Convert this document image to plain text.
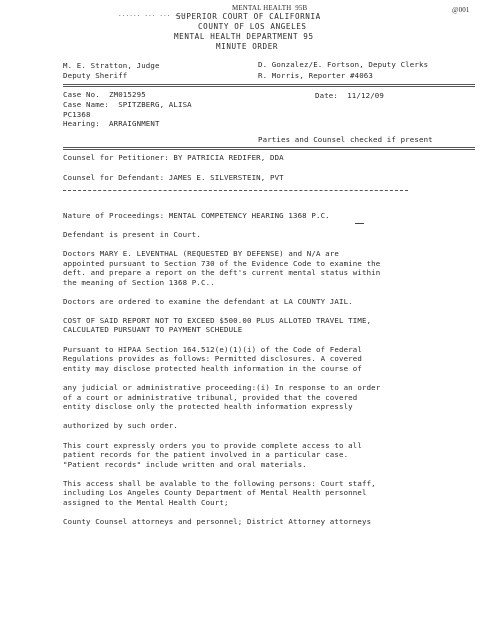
...... ... ... ....
MENTAL HEALTH  95B	@001
SUPERIOR COURT OF CALIFORNIA
COUNTY OF LOS ANGELES
MENTAL HEALTH DEPARTMENT 95
MINUTE ORDER
M. E. Stratton, Judge	D. Gonzalez/E. Fortson, Deputy Clerks
Deputy Sheriff	R. Morris, Reporter #4063
Case No.  ZM015295	Date:  11/12/09
Case Name:  SPITZBERG, ALISA
PC1368
Hearing:  ARRAIGNMENT
Parties and Counsel checked if present
Counsel for Petitioner: BY PATRICIA REDIFER, DDA
Counsel for Defendant: JAMES E. SILVERSTEIN, PVT
Nature of Proceedings: MENTAL COMPETENCY HEARING 1368 P.C.
Defendant is present in Court.
Doctors MARY E. LEVENTHAL (REQUESTED BY DEFENSE) and N/A are
appointed pursuant to Section 730 of the Evidence Code to examine the
deft. and prepare a report on the deft's current mental status within
the meaning of Section 1368 P.C..
Doctors are ordered to examine the defendant at LA COUNTY JAIL.
COST OF SAID REPORT NOT TO EXCEED $500.00 PLUS ALLOTED TRAVEL TIME,
CALCULATED PURSUANT TO PAYMENT SCHEDULE
Pursuant to HIPAA Section 164.512(e)(1)(i) of the Code of Federal
Regulations provides as follows: Permitted disclosures. A covered
entity may disclose protected health information in the course of
any judicial or administrative proceeding:(i) In response to an order
of a court or administrative tribunal, provided that the covered
entity disclose only the protected health information expressly
authorized by such order.
This court expressly orders you to provide complete access to all
patient records for the patient involved in a particular case.
"Patient records" include written and oral materials.
This access shall be avalable to the following persons: Court staff,
including Los Angeles County Department of Mental Health personnel
assigned to the Mental Health Court;
County Counsel attorneys and personnel; District Attorney attorneys
